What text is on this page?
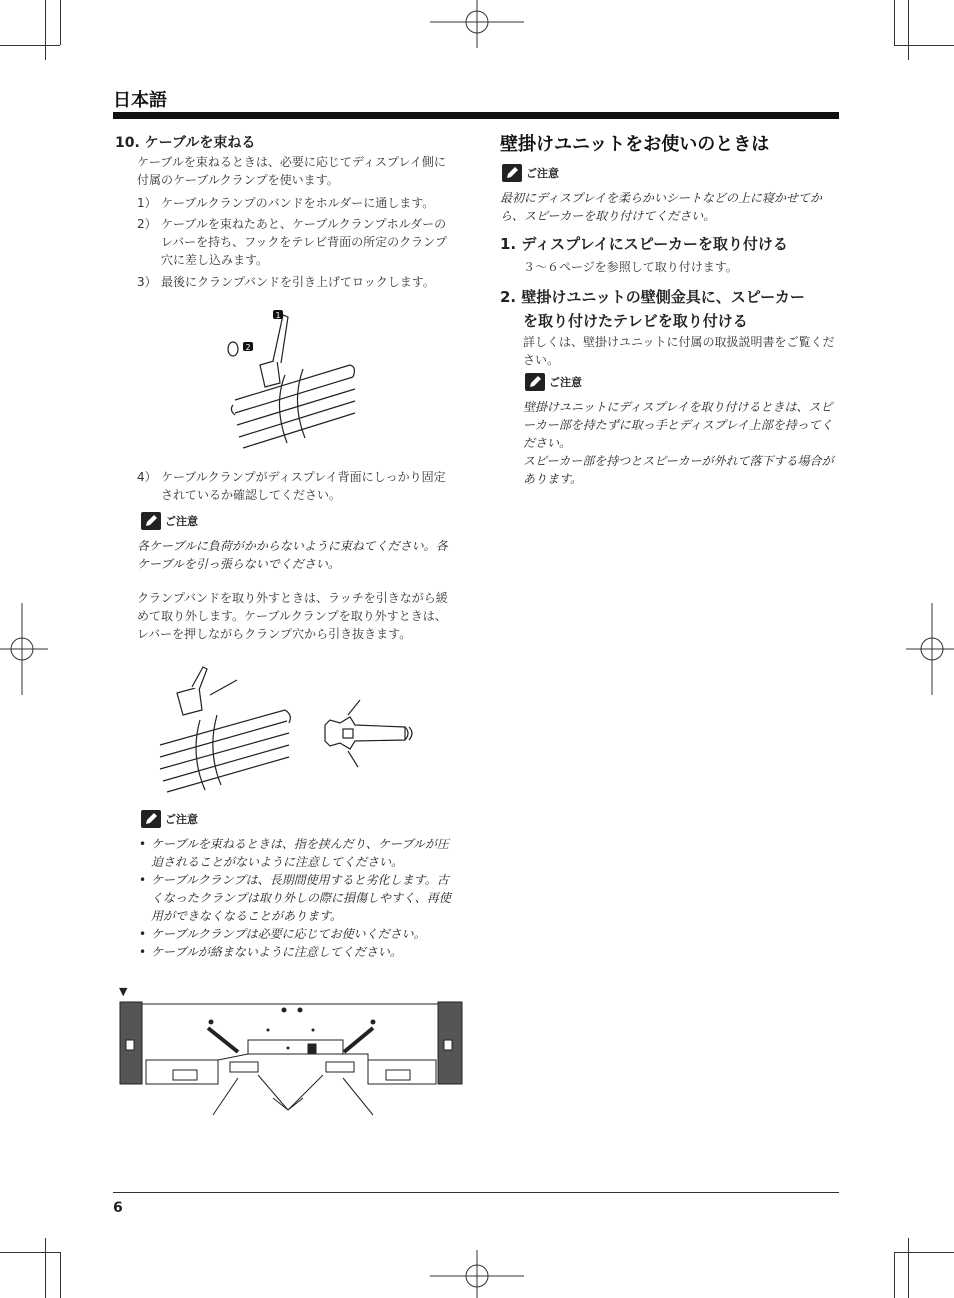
日本語
10. ケーブルを束ねる
ケーブルを束ねるときは、必要に応じてディスプレイ側に付属のケーブルクランプを使います。
1） ケーブルクランプのバンドをホルダーに通します。
2） ケーブルを束ねたあと、ケーブルクランプホルダーのレバーを持ち、フックをテレビ背面の所定のクランプ穴に差し込みます。
3） 最後にクランプバンドを引き上げてロックします。
1
2
4） ケーブルクランプがディスプレイ背面にしっかり固定されているか確認してください。
ご注意
各ケーブルに負荷がかからないように束ねてください。各ケーブルを引っ張らないでください。
クランプバンドを取り外すときは、ラッチを引きながら緩めて取り外します。ケーブルクランプを取り外すときは、レバーを押しながらクランプ穴から引き抜きます。
ご注意
• ケーブルを束ねるときは、指を挟んだり、ケーブルが圧迫されることがないように注意してください。
• ケーブルクランプは、長期間使用すると劣化します。古くなったクランプは取り外しの際に損傷しやすく、再使用ができなくなることがあります。
• ケーブルクランプは必要に応じてお使いください。
• ケーブルが絡まないように注意してください。
▼
壁掛けユニットをお使いのときは
ご注意
最初にディスプレイを柔らかいシートなどの上に寝かせてから、スピーカーを取り付けてください。
1. ディスプレイにスピーカーを取り付ける
３～６ページを参照して取り付けます。
2. 壁掛けユニットの壁側金具に、スピーカー
を取り付けたテレビを取り付ける
詳しくは、壁掛けユニットに付属の取扱説明書をご覧ください。
ご注意
壁掛けユニットにディスプレイを取り付けるときは、スピーカー部を持たずに取っ手とディスプレイ上部を持ってください。
スピーカー部を持つとスピーカーが外れて落下する場合があります。
6
